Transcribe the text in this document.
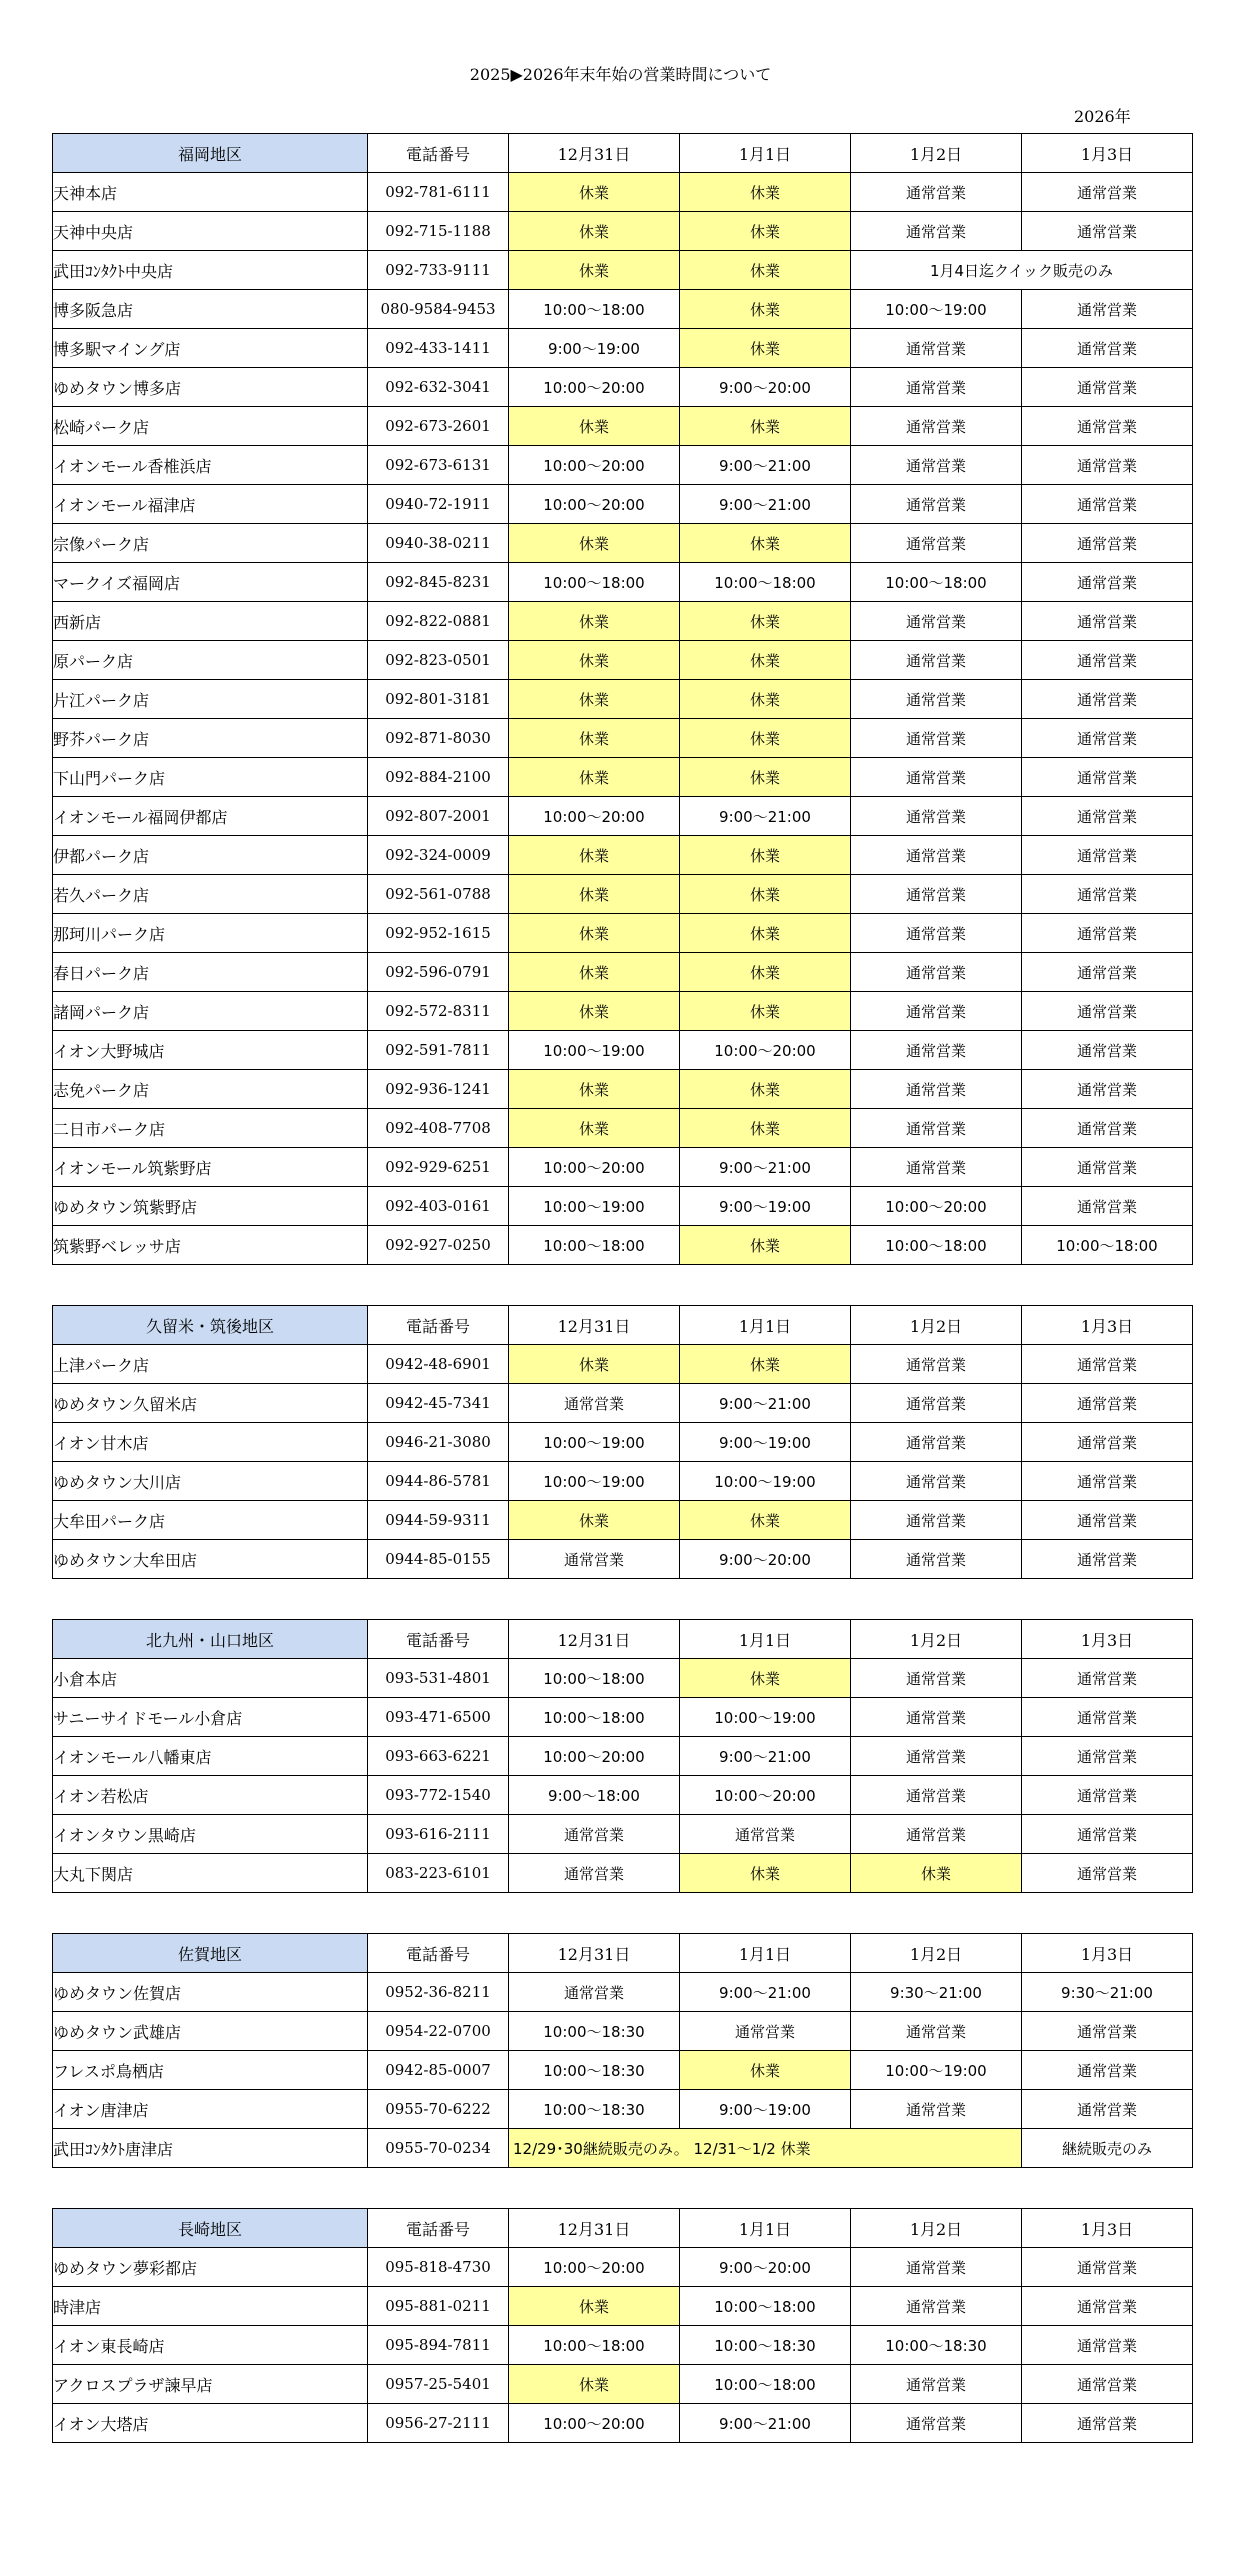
2025▶2026年末年始の営業時間について
2026年
福岡地区	電話番号	12月31日	1月1日	1月2日	1月3日
天神本店	092-781-6111	休業	休業	通常営業	通常営業
天神中央店	092-715-1188	休業	休業	通常営業	通常営業
武田ｺﾝﾀｸﾄ中央店	092-733-9111	休業	休業	1月4日迄クイック販売のみ	
博多阪急店	080-9584-9453	10:00～18:00	休業	10:00～19:00	通常営業
博多駅マイング店	092-433-1411	9:00～19:00	休業	通常営業	通常営業
ゆめタウン博多店	092-632-3041	10:00～20:00	9:00～20:00	通常営業	通常営業
松崎パーク店	092-673-2601	休業	休業	通常営業	通常営業
イオンモール香椎浜店	092-673-6131	10:00～20:00	9:00～21:00	通常営業	通常営業
イオンモール福津店	0940-72-1911	10:00～20:00	9:00～21:00	通常営業	通常営業
宗像パーク店	0940-38-0211	休業	休業	通常営業	通常営業
マークイズ福岡店	092-845-8231	10:00～18:00	10:00～18:00	10:00～18:00	通常営業
西新店	092-822-0881	休業	休業	通常営業	通常営業
原パーク店	092-823-0501	休業	休業	通常営業	通常営業
片江パーク店	092-801-3181	休業	休業	通常営業	通常営業
野芥パーク店	092-871-8030	休業	休業	通常営業	通常営業
下山門パーク店	092-884-2100	休業	休業	通常営業	通常営業
イオンモール福岡伊都店	092-807-2001	10:00～20:00	9:00～21:00	通常営業	通常営業
伊都パーク店	092-324-0009	休業	休業	通常営業	通常営業
若久パーク店	092-561-0788	休業	休業	通常営業	通常営業
那珂川パーク店	092-952-1615	休業	休業	通常営業	通常営業
春日パーク店	092-596-0791	休業	休業	通常営業	通常営業
諸岡パーク店	092-572-8311	休業	休業	通常営業	通常営業
イオン大野城店	092-591-7811	10:00～19:00	10:00～20:00	通常営業	通常営業
志免パーク店	092-936-1241	休業	休業	通常営業	通常営業
二日市パーク店	092-408-7708	休業	休業	通常営業	通常営業
イオンモール筑紫野店	092-929-6251	10:00～20:00	9:00～21:00	通常営業	通常営業
ゆめタウン筑紫野店	092-403-0161	10:00～19:00	9:00～19:00	10:00～20:00	通常営業
筑紫野ベレッサ店	092-927-0250	10:00～18:00	休業	10:00～18:00	10:00～18:00
久留米・筑後地区	電話番号	12月31日	1月1日	1月2日	1月3日
上津パーク店	0942-48-6901	休業	休業	通常営業	通常営業
ゆめタウン久留米店	0942-45-7341	通常営業	9:00～21:00	通常営業	通常営業
イオン甘木店	0946-21-3080	10:00～19:00	9:00～19:00	通常営業	通常営業
ゆめタウン大川店	0944-86-5781	10:00～19:00	10:00～19:00	通常営業	通常営業
大牟田パーク店	0944-59-9311	休業	休業	通常営業	通常営業
ゆめタウン大牟田店	0944-85-0155	通常営業	9:00～20:00	通常営業	通常営業
北九州・山口地区	電話番号	12月31日	1月1日	1月2日	1月3日
小倉本店	093-531-4801	10:00～18:00	休業	通常営業	通常営業
サニーサイドモール小倉店	093-471-6500	10:00～18:00	10:00～19:00	通常営業	通常営業
イオンモール八幡東店	093-663-6221	10:00～20:00	9:00～21:00	通常営業	通常営業
イオン若松店	093-772-1540	9:00～18:00	10:00～20:00	通常営業	通常営業
イオンタウン黒崎店	093-616-2111	通常営業	通常営業	通常営業	通常営業
大丸下関店	083-223-6101	通常営業	休業	休業	通常営業
佐賀地区	電話番号	12月31日	1月1日	1月2日	1月3日
ゆめタウン佐賀店	0952-36-8211	通常営業	9:00～21:00	9:30～21:00	9:30～21:00
ゆめタウン武雄店	0954-22-0700	10:00～18:30	通常営業	通常営業	通常営業
フレスポ鳥栖店	0942-85-0007	10:00～18:30	休業	10:00～19:00	通常営業
イオン唐津店	0955-70-6222	10:00～18:30	9:00～19:00	通常営業	通常営業
武田ｺﾝﾀｸﾄ唐津店	0955-70-0234	12/29･30継続販売のみ。 12/31～1/2 休業			継続販売のみ
長崎地区	電話番号	12月31日	1月1日	1月2日	1月3日
ゆめタウン夢彩都店	095-818-4730	10:00～20:00	9:00～20:00	通常営業	通常営業
時津店	095-881-0211	休業	10:00～18:00	通常営業	通常営業
イオン東長崎店	095-894-7811	10:00～18:00	10:00～18:30	10:00～18:30	通常営業
アクロスプラザ諫早店	0957-25-5401	休業	10:00～18:00	通常営業	通常営業
イオン大塔店	0956-27-2111	10:00～20:00	9:00～21:00	通常営業	通常営業
